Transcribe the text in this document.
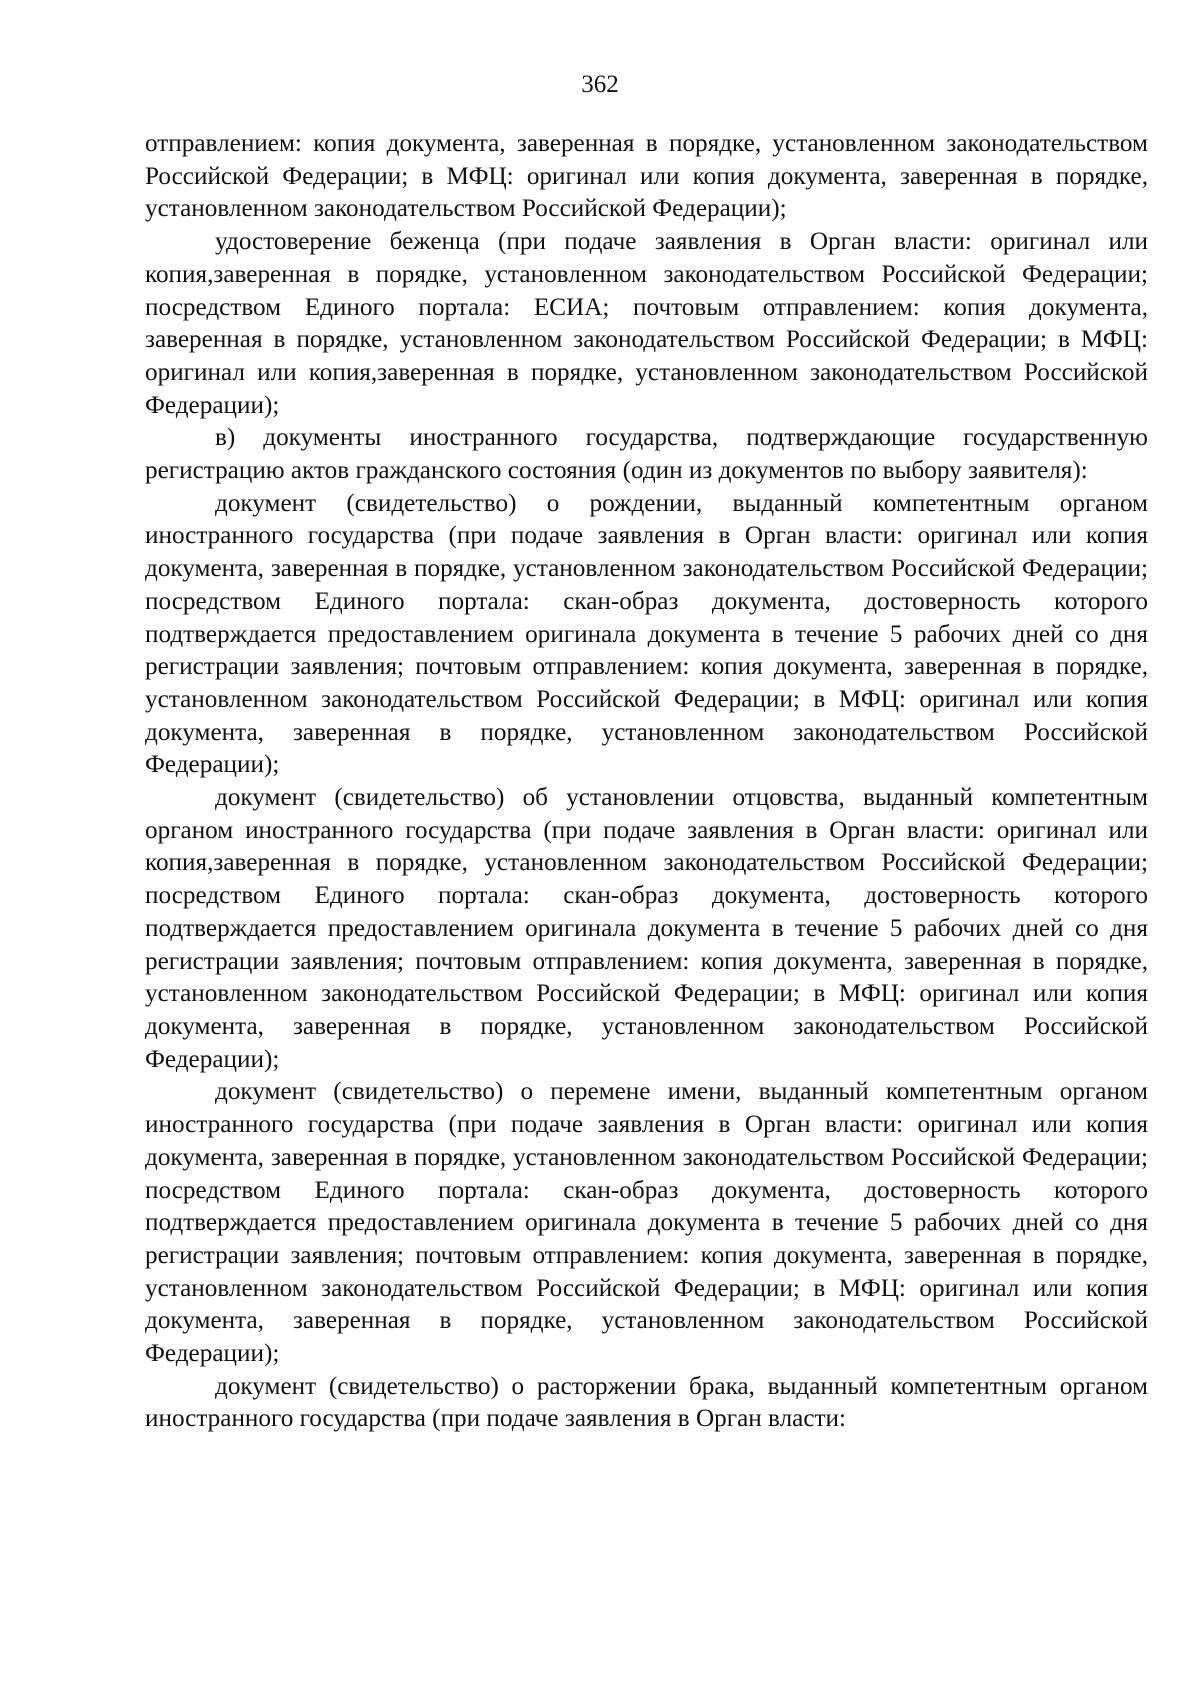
362

отправлением: копия документа, заверенная в порядке, установленном законодательством Российской Федерации; в МФЦ: оригинал или копия документа, заверенная в порядке, установленном законодательством Российской Федерации);

удостоверение беженца (при подаче заявления в Орган власти: оригинал или копия,заверенная в порядке, установленном законодательством Российской Федерации; посредством Единого портала: ЕСИА; почтовым отправлением: копия документа, заверенная в порядке, установленном законодательством Российской Федерации; в МФЦ: оригинал или копия,заверенная в порядке, установленном законодательством Российской Федерации);

в) документы иностранного государства, подтверждающие государственную регистрацию актов гражданского состояния (один из документов по выбору заявителя):

документ (свидетельство) о рождении, выданный компетентным органом иностранного государства (при подаче заявления в Орган власти: оригинал или копия документа, заверенная в порядке, установленном законодательством Российской Федерации; посредством Единого портала: скан-образ документа, достоверность которого подтверждается предоставлением оригинала документа в течение 5 рабочих дней со дня регистрации заявления; почтовым отправлением: копия документа, заверенная в порядке, установленном законодательством Российской Федерации; в МФЦ: оригинал или копия документа, заверенная в порядке, установленном законодательством Российской Федерации);

документ (свидетельство) об установлении отцовства, выданный компетентным органом иностранного государства (при подаче заявления в Орган власти: оригинал или копия,заверенная в порядке, установленном законодательством Российской Федерации; посредством Единого портала: скан-образ документа, достоверность которого подтверждается предоставлением оригинала документа в течение 5 рабочих дней со дня регистрации заявления; почтовым отправлением: копия документа, заверенная в порядке, установленном законодательством Российской Федерации; в МФЦ: оригинал или копия документа, заверенная в порядке, установленном законодательством Российской Федерации);

документ (свидетельство) о перемене имени, выданный компетентным органом иностранного государства (при подаче заявления в Орган власти: оригинал или копия документа, заверенная в порядке, установленном законодательством Российской Федерации; посредством Единого портала: скан-образ документа, достоверность которого подтверждается предоставлением оригинала документа в течение 5 рабочих дней со дня регистрации заявления; почтовым отправлением: копия документа, заверенная в порядке, установленном законодательством Российской Федерации; в МФЦ: оригинал или копия документа, заверенная в порядке, установленном законодательством Российской Федерации);

документ (свидетельство) о расторжении брака, выданный компетентным органом иностранного государства (при подаче заявления в Орган власти:
